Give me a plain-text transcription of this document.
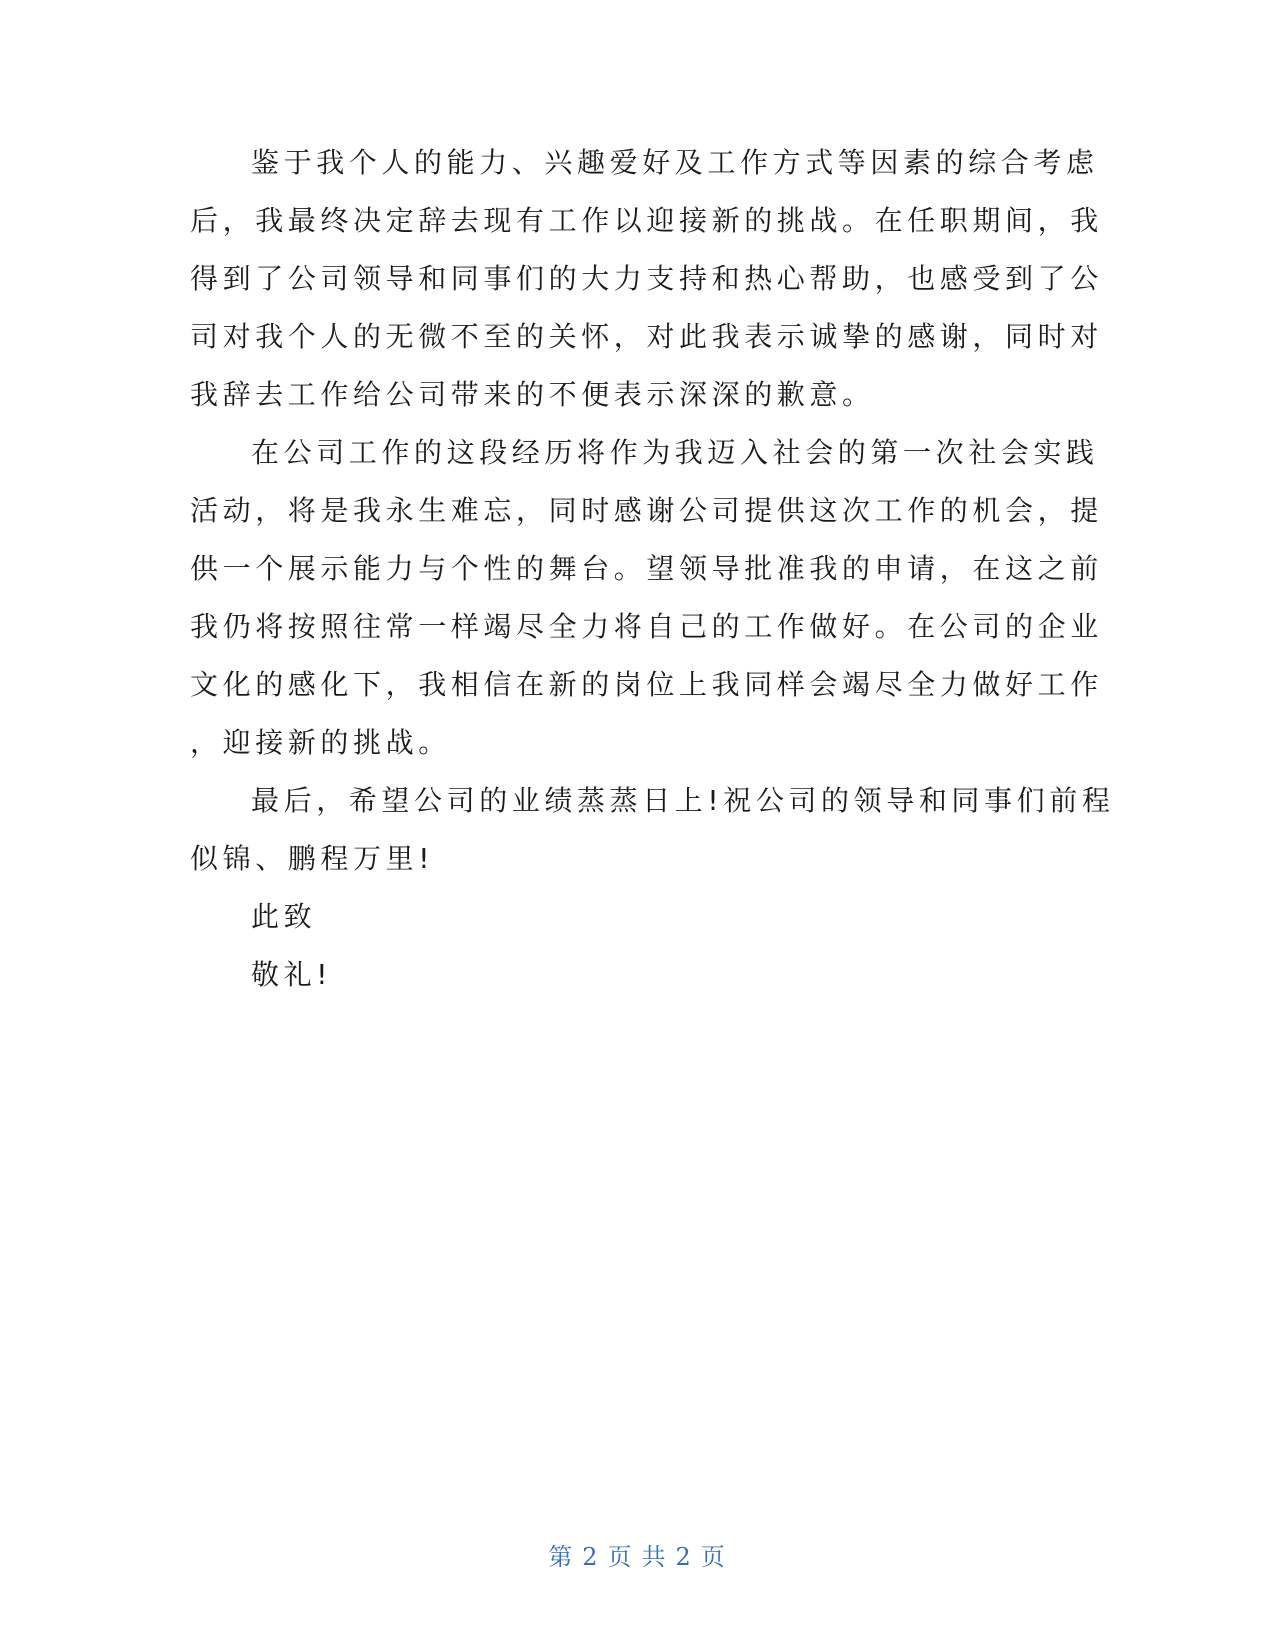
鉴于我个人的能力、兴趣爱好及工作方式等因素的综合考虑
后，我最终决定辞去现有工作以迎接新的挑战。在任职期间，我
得到了公司领导和同事们的大力支持和热心帮助，也感受到了公
司对我个人的无微不至的关怀，对此我表示诚挚的感谢，同时对
我辞去工作给公司带来的不便表示深深的歉意。
在公司工作的这段经历将作为我迈入社会的第一次社会实践
活动，将是我永生难忘，同时感谢公司提供这次工作的机会，提
供一个展示能力与个性的舞台。望领导批准我的申请，在这之前
我仍将按照往常一样竭尽全力将自己的工作做好。在公司的企业
文化的感化下，我相信在新的岗位上我同样会竭尽全力做好工作
，迎接新的挑战。
最后，希望公司的业绩蒸蒸日上!祝公司的领导和同事们前程
似锦、鹏程万里!
此致
敬礼!
第 2 页 共 2 页
